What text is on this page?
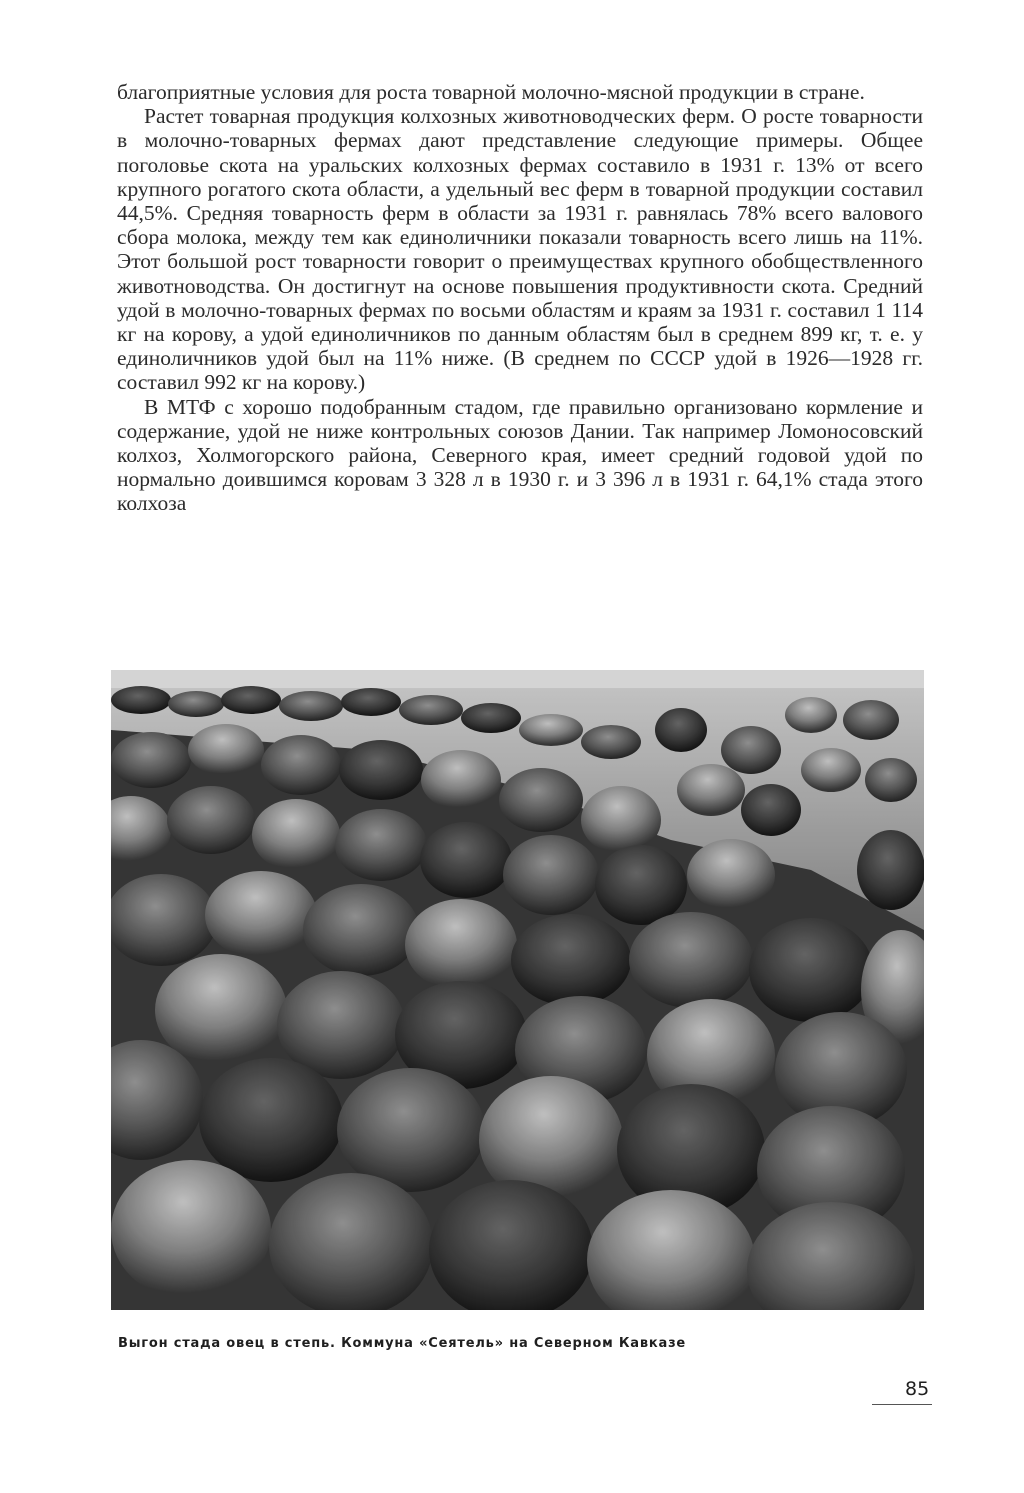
благоприятные условия для роста товарной молочно-мясной продукции в стране.

Растет товарная продукция колхозных животноводческих ферм. О росте товарности в молочно-товарных фермах дают представление следующие примеры. Общее поголовье скота на уральских колхозных фермах составило в 1931 г. 13% от всего крупного рогатого скота области, а удельный вес ферм в товарной продукции составил 44,5%. Средняя товарность ферм в области за 1931 г. равнялась 78% всего валового сбора молока, между тем как единоличники показали товарность всего лишь на 11%. Этот большой рост товарности говорит о преимуществах крупного обобществленного животноводства. Он достигнут на основе повышения продуктивности скота. Средний удой в молочно-товарных фермах по восьми областям и краям за 1931 г. составил 1 114 кг на корову, а удой единоличников по данным областям был в среднем 899 кг, т. е. у единоличников удой был на 11% ниже. (В среднем по СССР удой в 1926—1928 гг. составил 992 кг на корову.)

В МТФ с хорошо подобранным стадом, где правильно организовано кормление и содержание, удой не ниже контрольных союзов Дании. Так например Ломоносовский колхоз, Холмогорского района, Северного края, имеет средний годовой удой по нормально доившимся коровам 3 328 л в 1930 г. и 3 396 л в 1931 г. 64,1% стада этого колхоза

Выгон стада овец в степь. Коммуна «Сеятель» на Северном Кавказе
85
